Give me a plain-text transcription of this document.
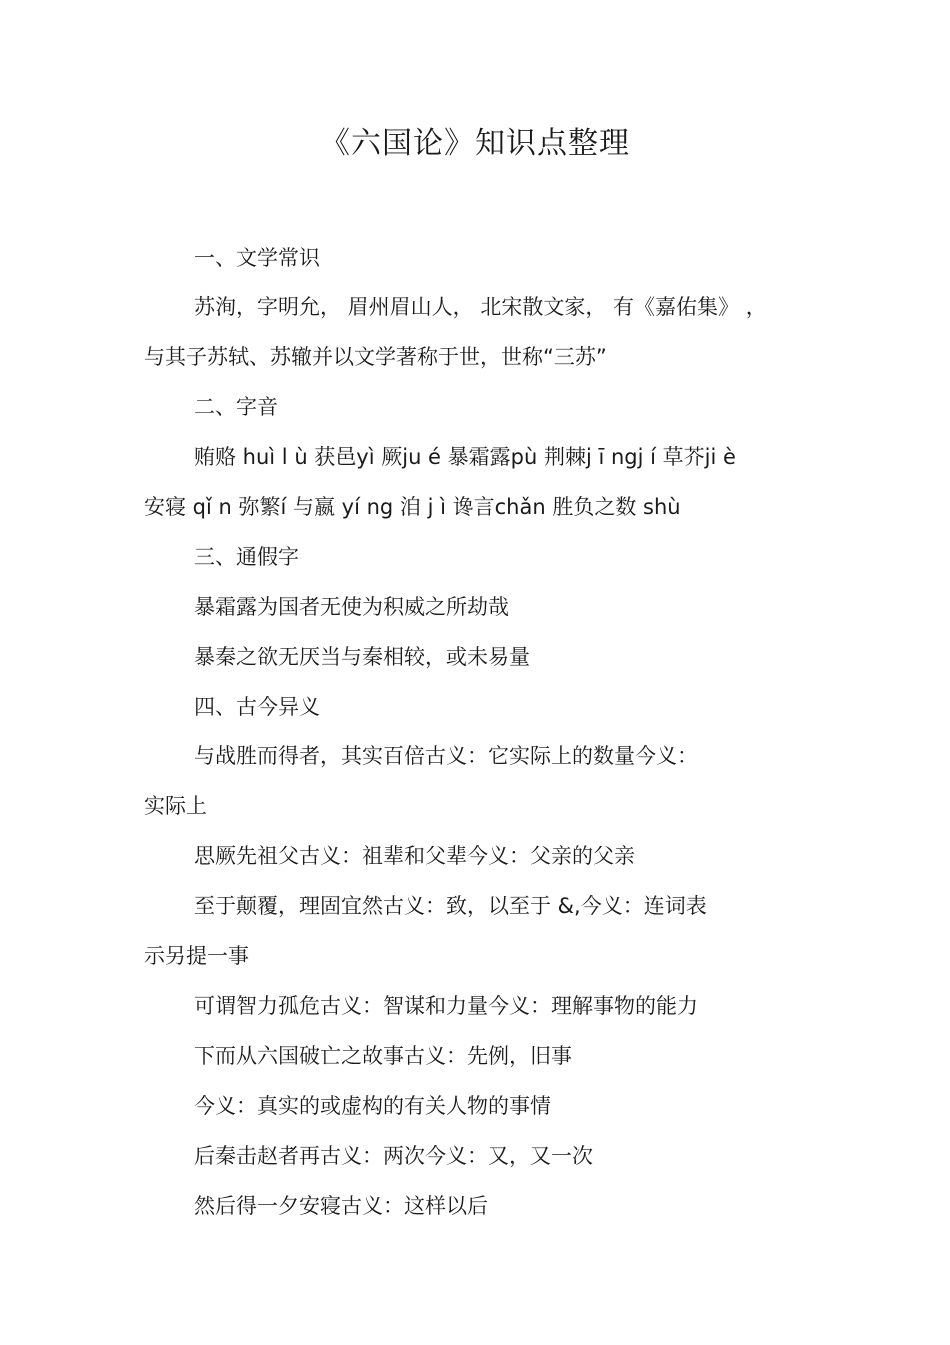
《六国论》知识点整理
一、文学常识
苏洵，字明允， 眉州眉山人， 北宋散文家， 有《嘉佑集》 ，
与其子苏轼、苏辙并以文学著称于世，世称“三苏”
二、字音
贿赂 huì l ù 获邑yì 厥ju é 暴霜露pù 荆棘j ī ngj í 草芥ji è
安寝 qǐ n 弥繁í 与嬴 yí ng 洎 j ì 谗言chǎn 胜负之数 shù
三、通假字
暴霜露为国者无使为积威之所劫哉
暴秦之欲无厌当与秦相较，或未易量
四、古今异义
与战胜而得者，其实百倍古义：它实际上的数量今义：
实际上
思厥先祖父古义：祖辈和父辈今义：父亲的父亲
至于颠覆，理固宜然古义：致，以至于 &,今义：连词表
示另提一事
可谓智力孤危古义：智谋和力量今义：理解事物的能力
下而从六国破亡之故事古义：先例，旧事
今义：真实的或虚构的有关人物的事情
后秦击赵者再古义：两次今义：又，又一次
然后得一夕安寝古义：这样以后
